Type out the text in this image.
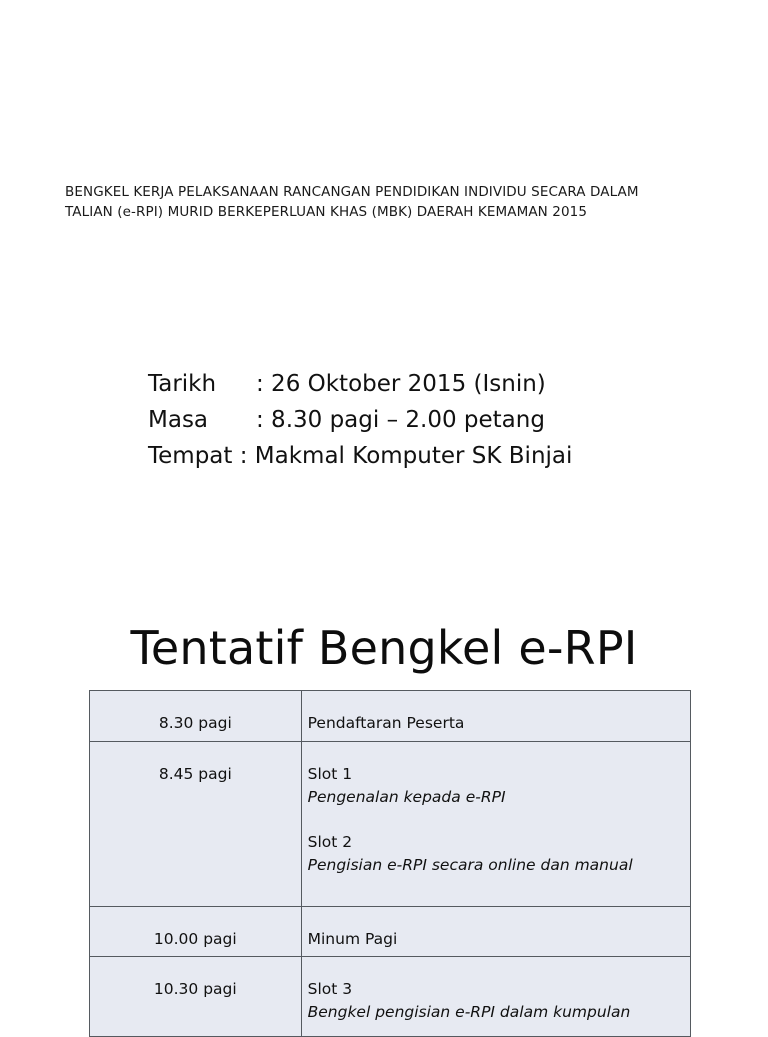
BENGKEL KERJA PELAKSANAAN RANCANGAN PENDIDIKAN INDIVIDU SECARA DALAM
TALIAN (e-RPI) MURID BERKEPERLUAN KHAS (MBK) DAERAH KEMAMAN 2015
Tarikh : 26 Oktober 2015 (Isnin)
Masa : 8.30 pagi – 2.00 petang
Tempat : Makmal Komputer SK Binjai
Tentatif Bengkel e-RPI
8.30 pagi	Pendaftaran Peserta

8.45 pagi	Slot 1
Pengenalan kepada e-RPI
Slot 2
Pengisian e-RPI secara online dan manual

10.00 pagi	Minum Pagi

10.30 pagi	Slot 3
Bengkel pengisian e-RPI dalam kumpulan
